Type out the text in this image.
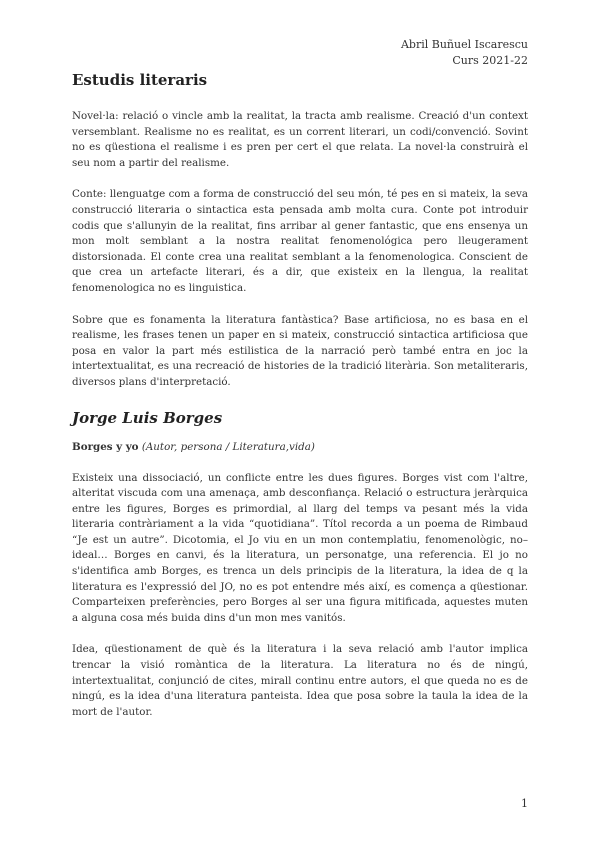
Abril Buñuel Iscarescu
Curs 2021-22
Estudis literaris

Novel·la: relació o vincle amb la realitat, la tracta amb realisme. Creació d'un context versemblant. Realisme no es realitat, es un corrent literari, un codi/convenció. Sovint no es qüestiona el realisme i es pren per cert el que relata. La novel·la construirà el seu nom a partir del realisme.

Conte: llenguatge com a forma de construcció del seu món, té pes en si mateix, la seva construcció literaria o sintactica esta pensada amb molta cura. Conte pot introduir codis que s'allunyin de la realitat, fins arribar al gener fantastic, que ens ensenya un mon molt semblant a la nostra realitat fenomenológica pero lleugerament distorsionada. El conte crea una realitat semblant a la fenomenologica. Conscient de que crea un artefacte literari, és a dir, que existeix en la llengua, la realitat fenomenologica no es linguistica.

Sobre que es fonamenta la literatura fantàstica? Base artificiosa, no es basa en el realisme, les frases tenen un paper en si mateix, construcció sintactica artificiosa que posa en valor la part més estilistica de la narració però també entra en joc la intertextualitat, es una recreació de histories de la tradició literària. Son metaliteraris, diversos plans d'interpretació.

Jorge Luis Borges
Borges y yo (Autor, persona / Literatura,vida)

Existeix una dissociació, un conflicte entre les dues figures. Borges vist com l'altre, alteritat viscuda com una amenaça, amb desconfiança. Relació o estructura jeràrquica entre les figures, Borges es primordial, al llarg del temps va pesant més la vida literaria contràriament a la vida “quotidiana”. Títol recorda a un poema de Rimbaud “Je est un autre”. Dicotomia, el Jo viu en un mon contemplatiu, fenomenològic, no–ideal… Borges en canvi, és la literatura, un personatge, una referencia. El jo no s'identifica amb Borges, es trenca un dels principis de la literatura, la idea de q la literatura es l'expressió del JO, no es pot entendre més així, es comença a qüestionar. Comparteixen preferències, pero Borges al ser una figura mitificada, aquestes muten a alguna cosa més buida dins d'un mon mes vanitós.

Idea, qüestionament de què és la literatura i la seva relació amb l'autor implica trencar la visió romàntica de la literatura. La literatura no és de ningú, intertextualitat, conjunció de cites, mirall continu entre autors, el que queda no es de ningú, es la idea d'una literatura panteista. Idea que posa sobre la taula la idea de la mort de l'autor.

1
